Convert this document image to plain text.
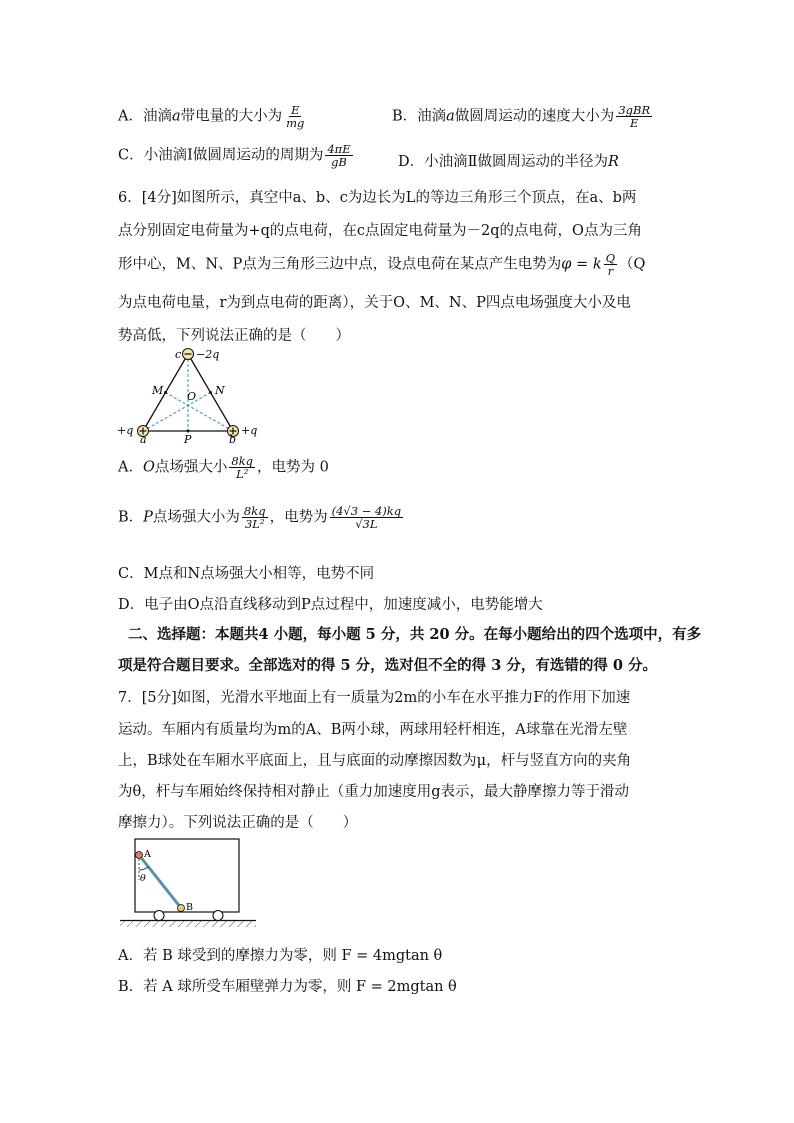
A．油滴a带电量的大小为 $\frac{E}{mg}$	B．油滴a做圆周运动的速度大小为 $\frac{\text{3gBR}}{E}$
C．小油滴Ⅰ做圆周运动的周期为 $\frac{4\pi E}{gB}$	D．小油滴Ⅱ做圆周运动的半径为R
6．[4分]如图所示，真空中a、b、c为边长为L的等边三角形三个顶点，在a、b两
点分别固定电荷量为+q的点电荷，在c点固定电荷量为－2q的点电荷，O点为三角
形中心，M、N、P点为三角形三边中点，设点电荷在某点产生电势为φ = k $\frac{Q}{r} (Q$
为点电荷电量，r为到点电荷的距离），关于O、M、N、P四点电场强度大小及电
势高低，下列说法正确的是（　　）
c −2q
M	N
O
P
+q
a
+q
b
A．O点场强大小 $\frac{8kq}{\text{L²}}$ ，电势为 0
B．P点场强大小为 $\frac{8kq}{\text{3L²}}$ ，电势为 $\frac{(4√3 - 4)kq}{√3L}$
C．M点和N点场强大小相等，电势不同
D．电子由O点沿直线移动到P点过程中，加速度减小，电势能增大
二、选择题：本题共4 小题，每小题 5 分，共 20 分。在每小题给出的四个选项中，有多
项是符合题目要求。全部选对的得 5 分，选对但不全的得 3 分，有选错的得 0 分。
7．[5分]如图，光滑水平地面上有一质量为2m的小车在水平推力F的作用下加速
运动。车厢内有质量均为m的A、B两小球，两球用轻杆相连，A球靠在光滑左壁
上，B球处在车厢水平底面上，且与底面的动摩擦因数为μ，杆与竖直方向的夹角
为θ，杆与车厢始终保持相对静止（重力加速度用g表示，最大静摩擦力等于滑动
摩擦力）。下列说法正确的是（　　）
A
B
θ
A．若 B 球受到的摩擦力为零，则 F = 4mgtan θ
B．若 A 球所受车厢壁弹力为零，则 F = 2mgtan θ
